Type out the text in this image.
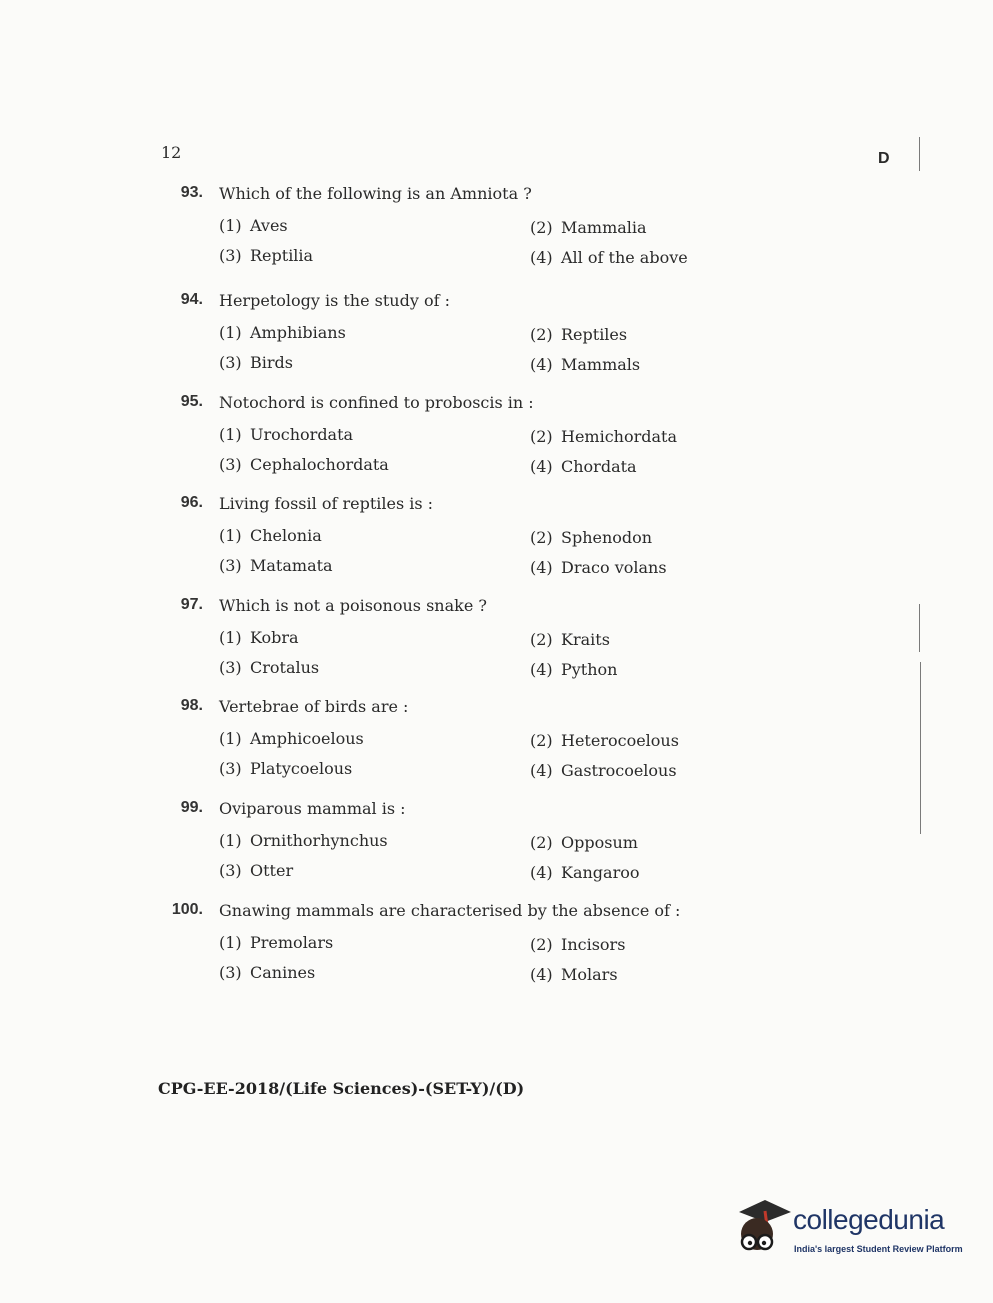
12	D
93. Which of the following is an Amniota ?
(1) Aves	(2) Mammalia
(3) Reptilia	(4) All of the above
94. Herpetology is the study of :
(1) Amphibians	(2) Reptiles
(3) Birds	(4) Mammals
95. Notochord is confined to proboscis in :
(1) Urochordata	(2) Hemichordata
(3) Cephalochordata	(4) Chordata
96. Living fossil of reptiles is :
(1) Chelonia	(2) Sphenodon
(3) Matamata	(4) Draco volans
97. Which is not a poisonous snake ?
(1) Kobra	(2) Kraits
(3) Crotalus	(4) Python
98. Vertebrae of birds are :
(1) Amphicoelous	(2) Heterocoelous
(3) Platycoelous	(4) Gastrocoelous
99. Oviparous mammal is :
(1) Ornithorhynchus	(2) Opposum
(3) Otter	(4) Kangaroo
100. Gnawing mammals are characterised by the absence of :
(1) Premolars	(2) Incisors
(3) Canines	(4) Molars
CPG-EE-2018/(Life Sciences)-(SET-Y)/(D)
collegedunia
India's largest Student Review Platform
